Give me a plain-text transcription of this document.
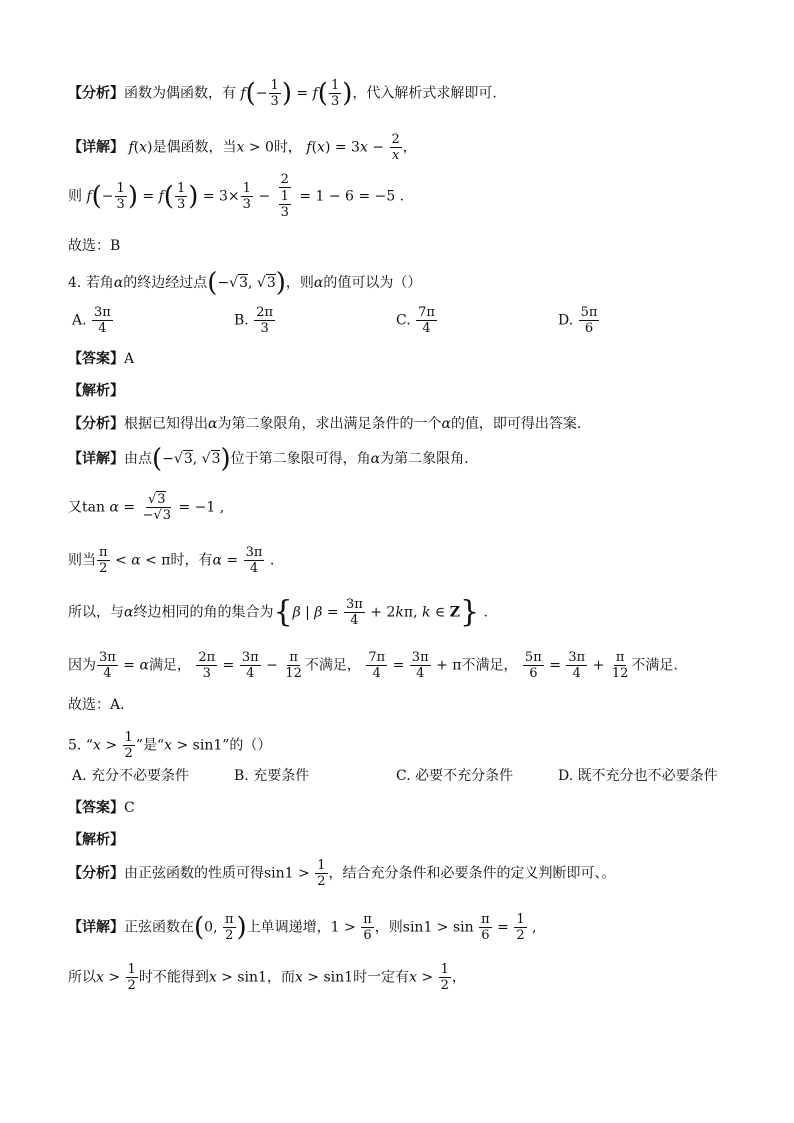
【分析】函数为偶函数，有 $f(- \frac{1}{3}$ ) = $f( \frac{1}{3}$ )，代入解析式求解即可.
【详解】 f(x)是偶函数，当x > 0时， $f(x) = 3x - \frac{2}{x}$ ，
则 $f(- \frac{1}{3}$ ) = $f( \frac{1}{3}$ ) = $3\times \frac{1}{3} - \frac{2}{\frac{1}{3}} = 1 - 6 = -5$ .
故选：B
4. 若角α的终边经过点(−√3, √3)，则α的值可以为（）
A. $\frac{3\pi}{4}$	B. $\frac{2\pi}{3}$	C. $\frac{7\pi}{4}$	D. $\frac{5\pi}{6}$
【答案】A
【解析】
【分析】根据已知得出α为第二象限角，求出满足条件的一个α的值，即可得出答案.
【详解】由点(−√3, √3)位于第二象限可得，角α为第二象限角.
又$\tan \alpha = \frac{√3}{-√3} = -1$ ,
则当 $\frac{\pi}{2} < \alpha < \pi$时，有$\alpha = \frac{3\pi}{4}$ .
所以，与α终边相同的角的集合为{β | $\beta = \frac{3\pi}{4} + 2k\pi$, k ∈ Z} .
因为 $\frac{3\pi}{4} = \alpha$满足， $\frac{2\pi}{3} = \frac{3\pi}{4} - \frac{\pi}{12}$ 不满足， $\frac{7\pi}{4} = \frac{3\pi}{4} + \pi$不满足， $\frac{5\pi}{6} = \frac{3\pi}{4} + \frac{\pi}{12}$ 不满足.
故选：A.
5. “$x > \frac{1}{2}$ ”是“x > sin1”的（）
A. 充分不必要条件	B. 充要条件	C. 必要不充分条件	D. 既不充分也不必要条件
【答案】C
【解析】
【分析】由正弦函数的性质可得$\sin 1 > \frac{1}{2}$ ，结合充分条件和必要条件的定义判断即可、。
【详解】正弦函数在(0, $\frac{\pi}{2}$ )上单调递增，$1 > \frac{\pi}{6}$ ，则$\sin 1 > \sin \frac{\pi}{6} = \frac{1}{2}$ ,
所以$x > \frac{1}{2}$ 时不能得到x > sin1，而x > sin1时一定有$x > \frac{1}{2}$ ，
